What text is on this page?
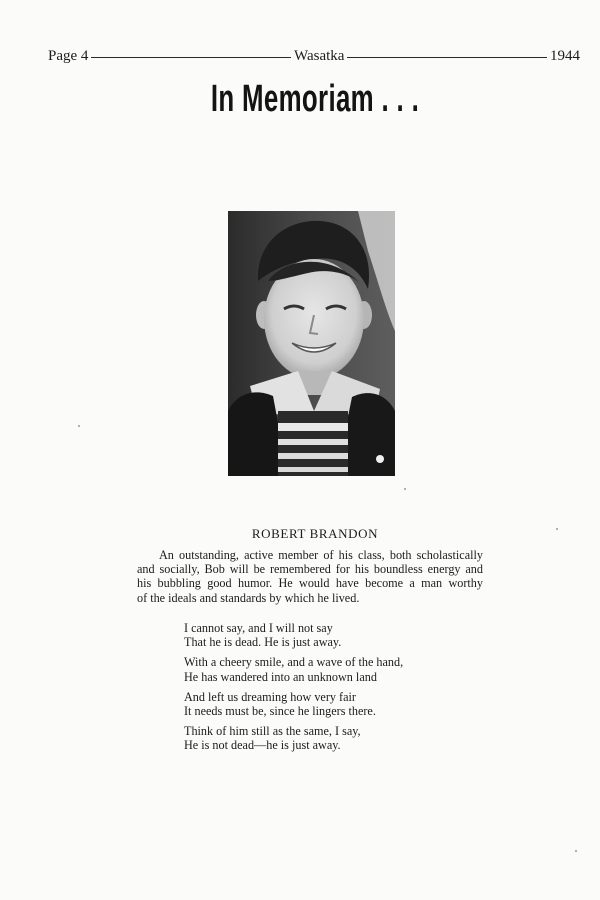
Page 4	Wasatka	1944
In Memoriam . . .
ROBERT BRANDON
An outstanding, active member of his class, both scholastically
and socially, Bob will be remembered for his boundless energy and
his bubbling good humor. He would have become a man worthy
of the ideals and standards by which he lived.
I cannot say, and I will not say
That he is dead. He is just away.
With a cheery smile, and a wave of the hand,
He has wandered into an unknown land
And left us dreaming how very fair
It needs must be, since he lingers there.
Think of him still as the same, I say,
He is not dead—he is just away.
